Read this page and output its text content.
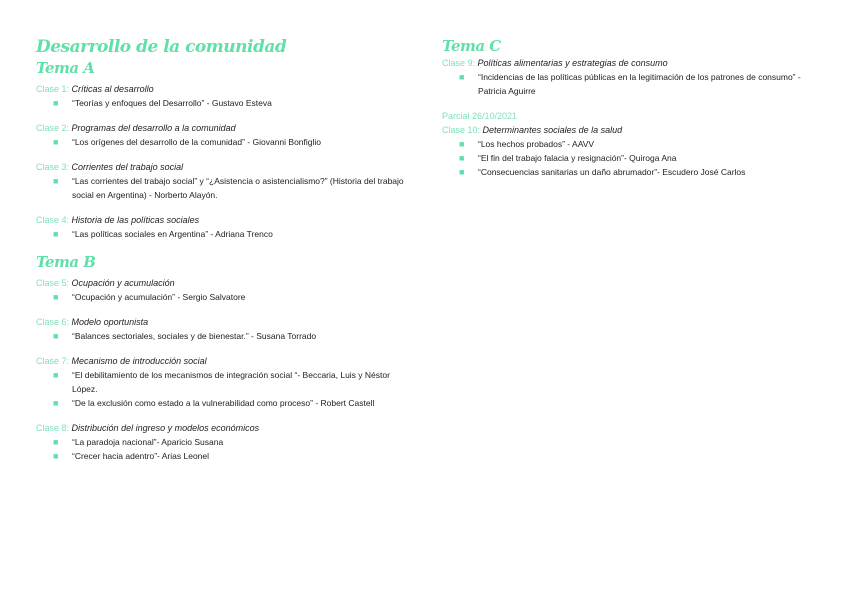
Desarrollo de la comunidad
Tema A

Clase 1: Críticas al desarrollo

■ “Teorías y enfoques del Desarrollo” - Gustavo Esteva

Clase 2: Programas del desarrollo a la comunidad

■ “Los orígenes del desarrollo de la comunidad” - Giovanni Bonfiglio

Clase 3: Corrientes del trabajo social

■ “Las corrientes del trabajo social” y “¿Asistencia o asistencialismo?” (Historia del trabajo social en Argentina) - Norberto Alayón.

Clase 4: Historia de las políticas sociales

■ “Las políticas sociales en Argentina” - Adriana Trenco
Tema B

Clase 5: Ocupación y acumulación

■ “Ocupación y acumulación” - Sergio Salvatore

Clase 6: Modelo oportunista

■ “Balances sectoriales, sociales y de bienestar.” - Susana Torrado

Clase 7: Mecanismo de introducción social

■ “El debilitamiento de los mecanismos de integración social “- Beccaria, Luis y Néstor López.
■ “De la exclusión como estado a la vulnerabilidad como proceso” - Robert Castell

Clase 8: Distribución del ingreso y modelos económicos

■ “La paradoja nacional”- Aparicio Susana
■ “Crecer hacia adentro”- Arias Leonel
Tema C

Clase 9: Políticas alimentarias y estrategias de consumo

■ “Incidencias de las políticas públicas en la legitimación de los patrones de consumo” - Patricia Aguirre

Parcial 26/10/2021

Clase 10: Determinantes sociales de la salud

■ “Los hechos probados” - AAVV
■ “El fin del trabajo falacia y resignación”- Quiroga Ana
■ “Consecuencias sanitarias un daño abrumador”- Escudero José Carlos
